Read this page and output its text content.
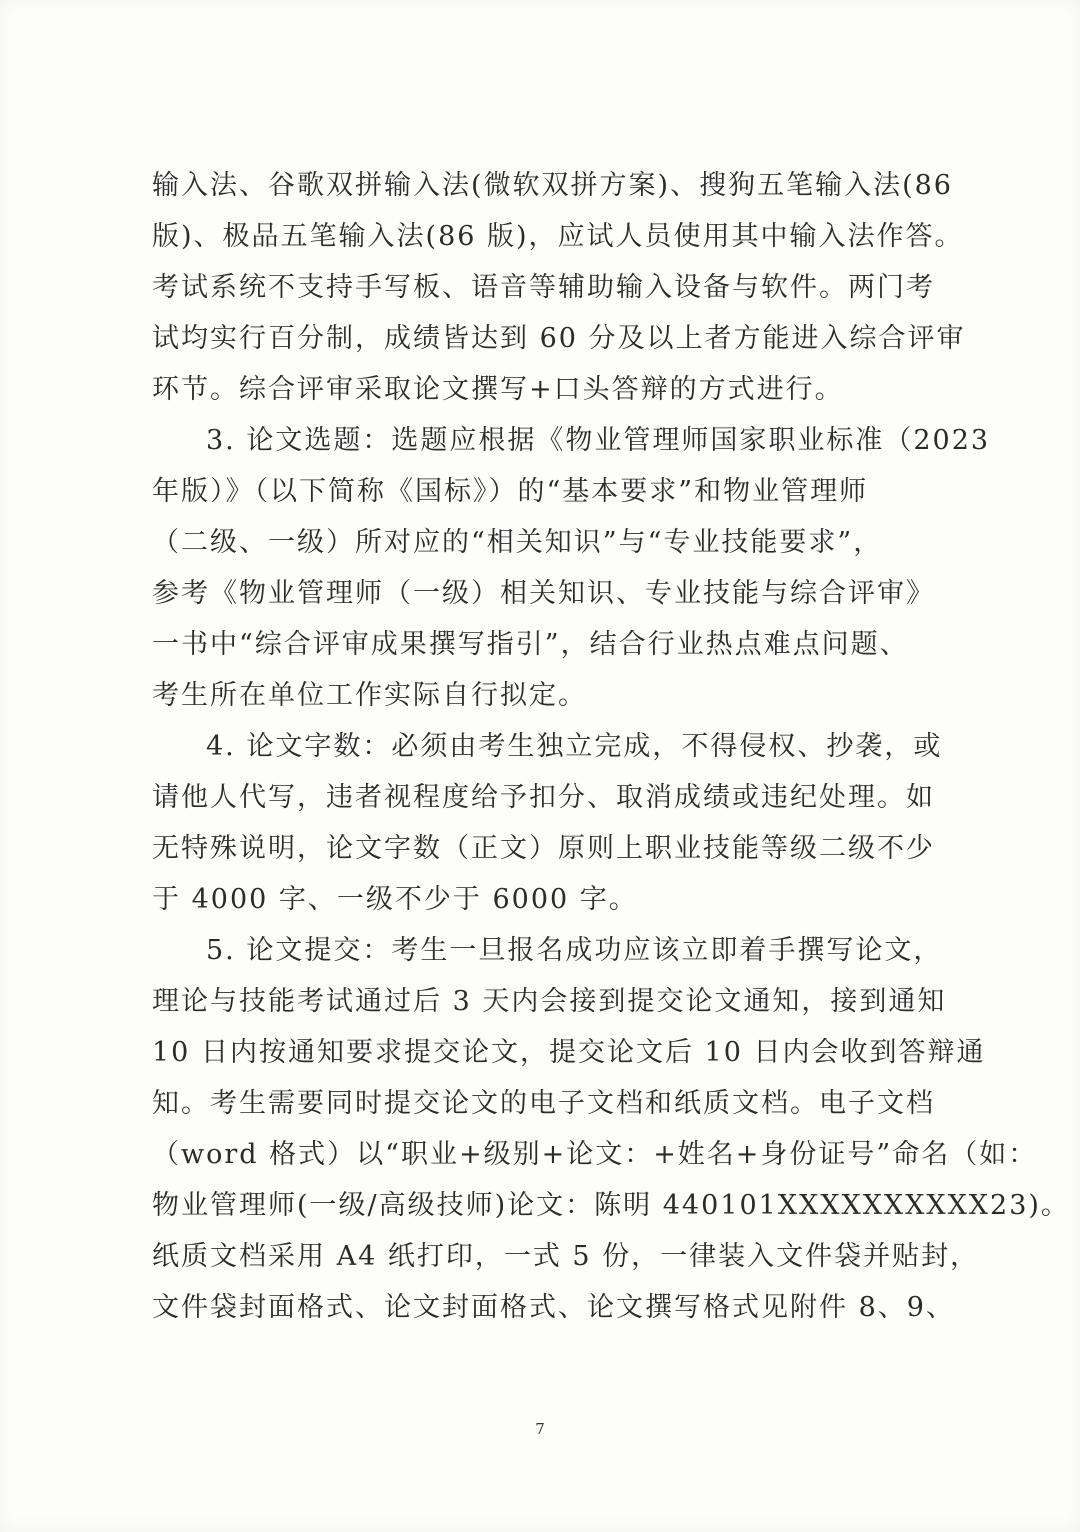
输入法、谷歌双拼输入法(微软双拼方案)、搜狗五笔输入法(86
版)、极品五笔输入法(86 版)，应试人员使用其中输入法作答。
考试系统不支持手写板、语音等辅助输入设备与软件。两门考
试均实行百分制，成绩皆达到 60 分及以上者方能进入综合评审
环节。综合评审采取论文撰写+口头答辩的方式进行。
3. 论文选题：选题应根据《物业管理师国家职业标准（2023
年版）》（以下简称《国标》）的“基本要求”和物业管理师
（二级、一级）所对应的“相关知识”与“专业技能要求”，
参考《物业管理师（一级）相关知识、专业技能与综合评审》
一书中“综合评审成果撰写指引”，结合行业热点难点问题、
考生所在单位工作实际自行拟定。
4. 论文字数：必须由考生独立完成，不得侵权、抄袭，或
请他人代写，违者视程度给予扣分、取消成绩或违纪处理。如
无特殊说明，论文字数（正文）原则上职业技能等级二级不少
于 4000 字、一级不少于 6000 字。
5. 论文提交：考生一旦报名成功应该立即着手撰写论文，
理论与技能考试通过后 3 天内会接到提交论文通知，接到通知
10 日内按通知要求提交论文，提交论文后 10 日内会收到答辩通
知。考生需要同时提交论文的电子文档和纸质文档。电子文档
（word 格式）以“职业+级别+论文：+姓名+身份证号”命名（如：
物业管理师(一级/高级技师)论文：陈明 440101XXXXXXXXXX23)。
纸质文档采用 A4 纸打印，一式 5 份，一律装入文件袋并贴封，
文件袋封面格式、论文封面格式、论文撰写格式见附件 8、9、
7
